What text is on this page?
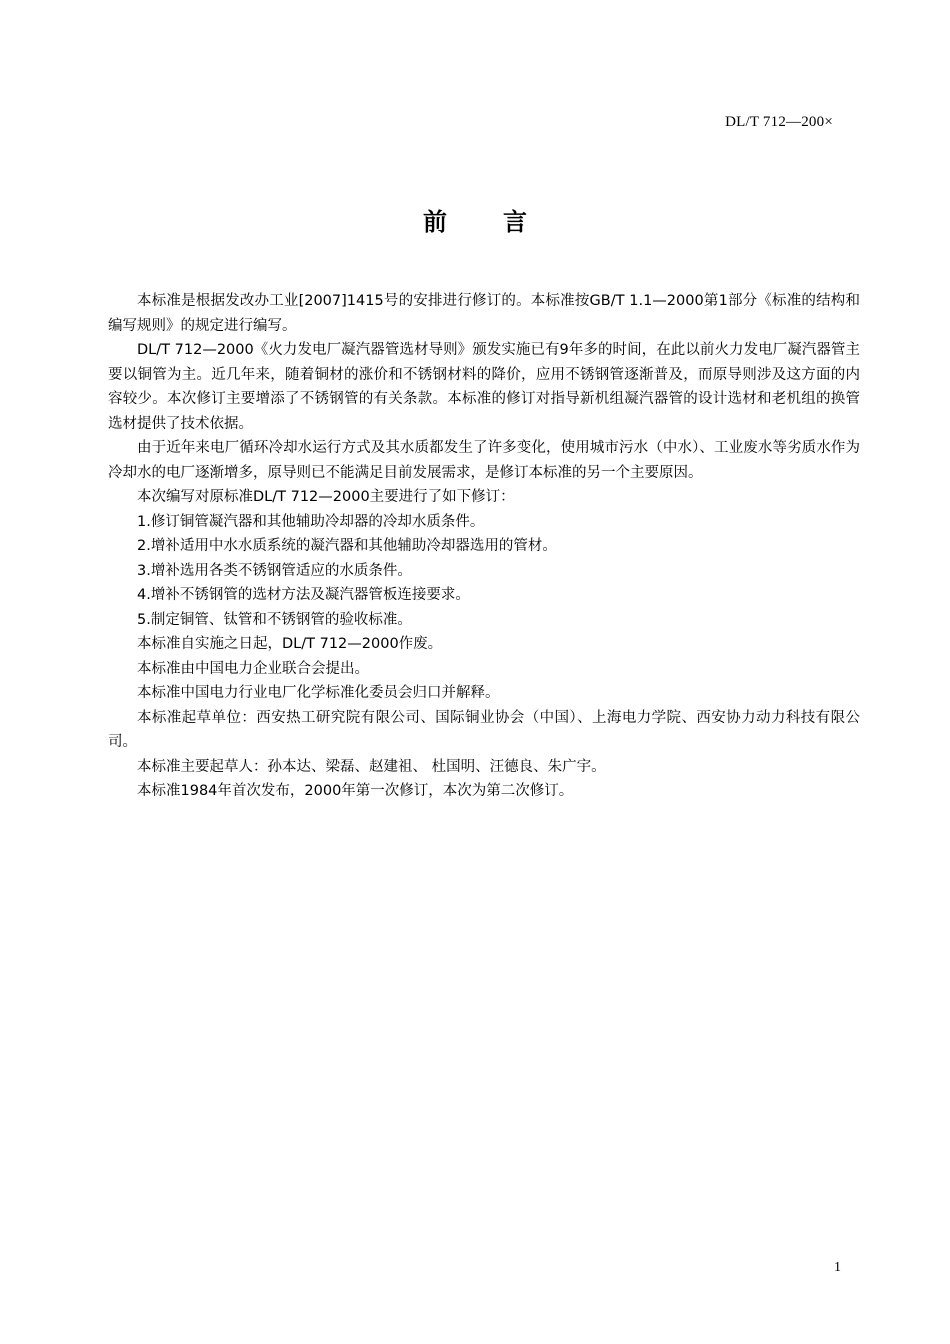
DL/T 712—200×
前 言

本标准是根据发改办工业[2007]1415号的安排进行修订的。本标准按GB/T 1.1—2000第1部分《标准的结构和编写规则》的规定进行编写。

DL/T 712—2000《火力发电厂凝汽器管选材导则》颁发实施已有9年多的时间，在此以前火力发电厂凝汽器管主要以铜管为主。近几年来，随着铜材的涨价和不锈钢材料的降价，应用不锈钢管逐渐普及，而原导则涉及这方面的内容较少。本次修订主要增添了不锈钢管的有关条款。本标准的修订对指导新机组凝汽器管的设计选材和老机组的换管选材提供了技术依据。

由于近年来电厂循环冷却水运行方式及其水质都发生了许多变化，使用城市污水（中水）、工业废水等劣质水作为冷却水的电厂逐渐增多，原导则已不能满足目前发展需求，是修订本标准的另一个主要原因。

本次编写对原标准DL/T 712—2000主要进行了如下修订：

1.修订铜管凝汽器和其他辅助冷却器的冷却水质条件。

2.增补适用中水水质系统的凝汽器和其他辅助冷却器选用的管材。

3.增补选用各类不锈钢管适应的水质条件。

4.增补不锈钢管的选材方法及凝汽器管板连接要求。

5.制定铜管、钛管和不锈钢管的验收标准。

本标准自实施之日起，DL/T 712—2000作废。

本标准由中国电力企业联合会提出。

本标准中国电力行业电厂化学标准化委员会归口并解释。

本标准起草单位：西安热工研究院有限公司、国际铜业协会（中国）、上海电力学院、西安协力动力科技有限公司。

本标准主要起草人：孙本达、梁磊、赵建祖、 杜国明、汪德良、朱广宇。

本标准1984年首次发布，2000年第一次修订，本次为第二次修订。

1
